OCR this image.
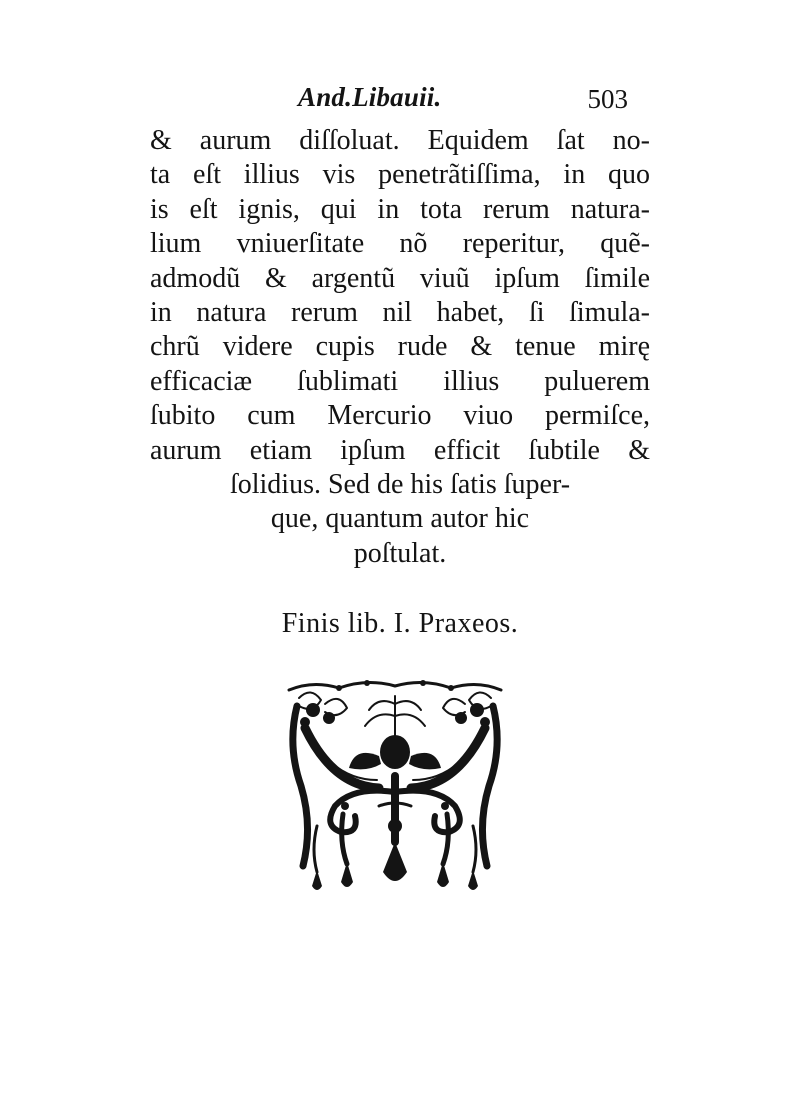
And.Libauii.	503
& aurum diſſoluat. Equidem ſat no-
ta eſt illius vis penetrãtiſſima, in quo
is eſt ignis, qui in tota rerum natura-
lium vniuerſitate nõ reperitur, quẽ-
admodũ & argentũ viuũ ipſum ſimile
in natura rerum nil habet, ſi ſimula-
chrũ videre cupis rude & tenue mirę
efficaciæ ſublimati illius puluerem
ſubito cum Mercurio viuo permiſce,
aurum etiam ipſum efficit ſubtile &
ſolidius. Sed de his ſatis ſuper-
que, quantum autor hic
poſtulat.
Finis lib. I. Praxeos.
